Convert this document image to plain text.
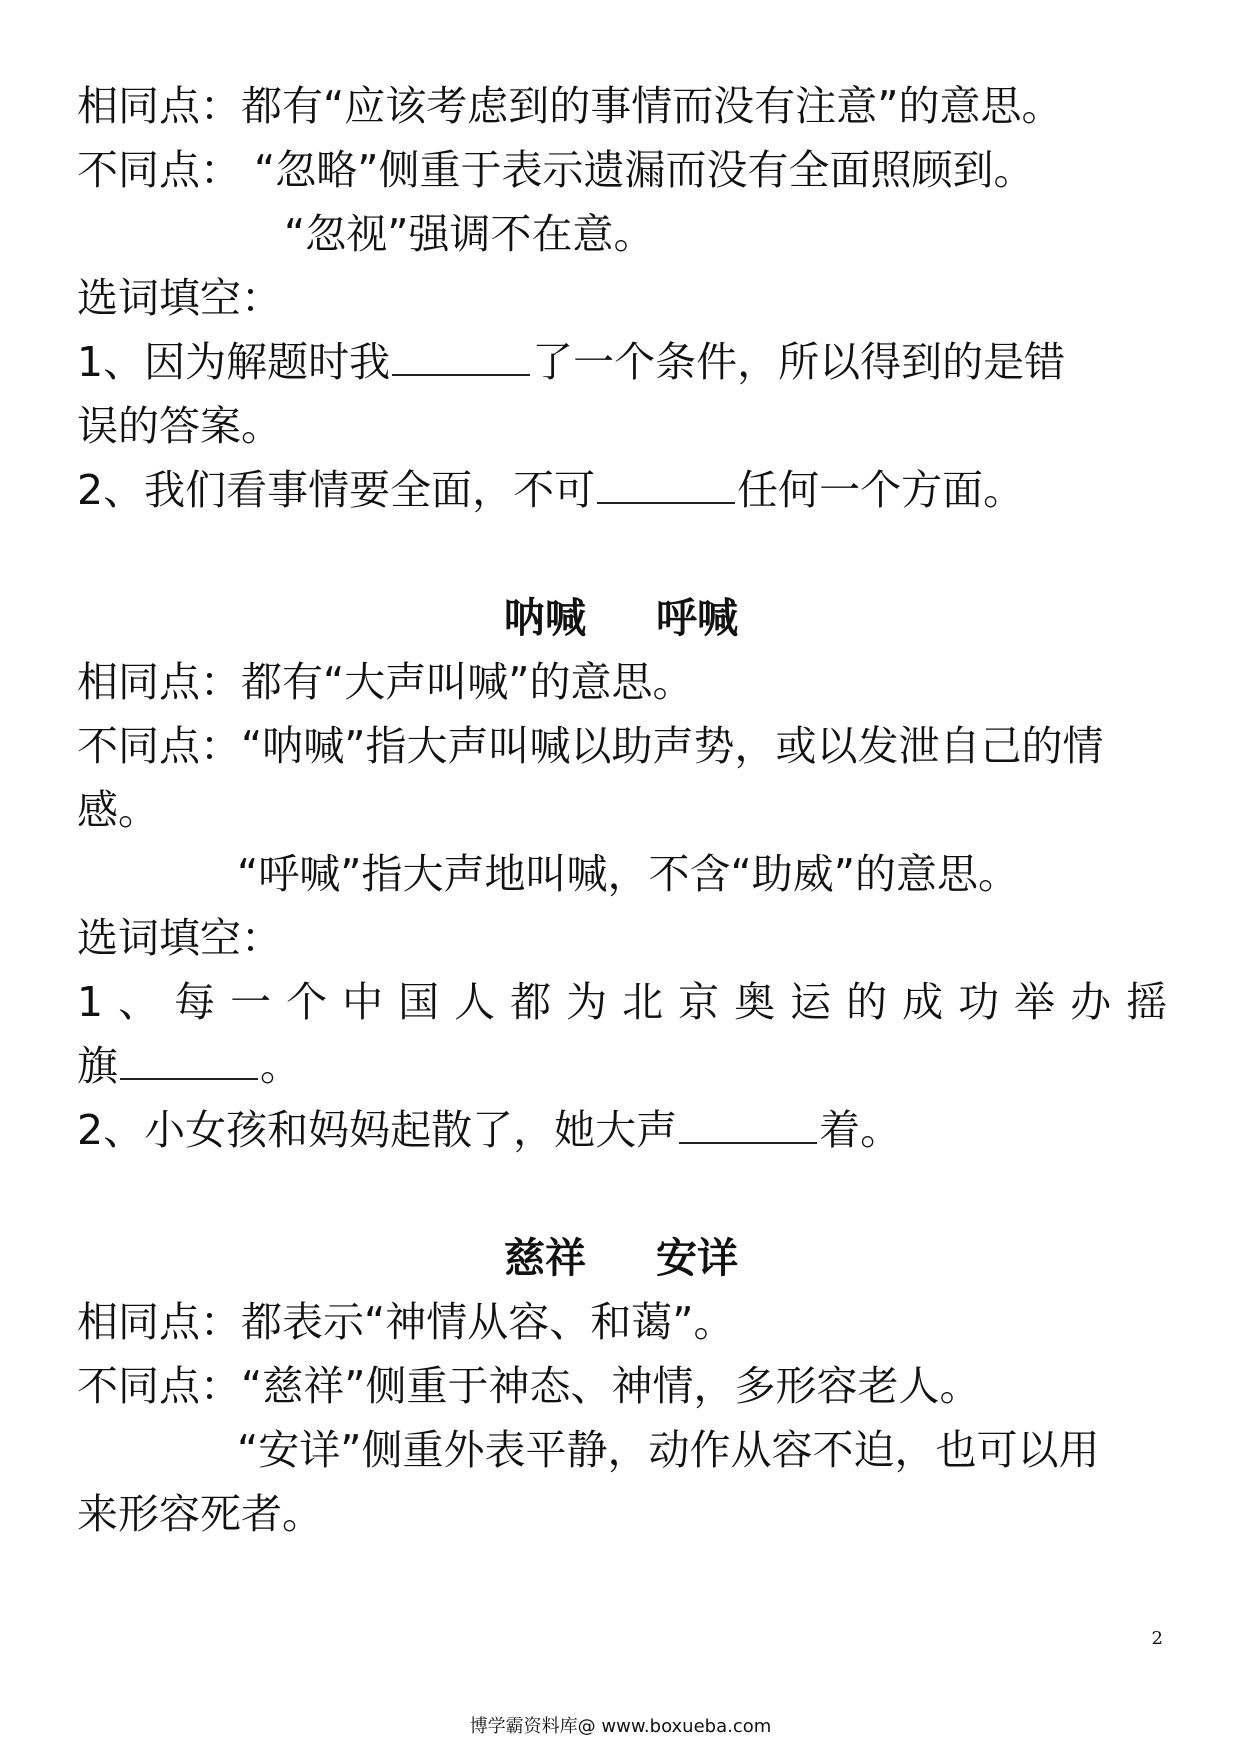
相同点：都有“应该考虑到的事情而没有注意”的意思。
不同点： “忽略”侧重于表示遗漏而没有全面照顾到。
“忽视”强调不在意。
选词填空：
1、因为解题时我	了一个条件，所以得到的是错
误的答案。
2、我们看事情要全面，不可	任何一个方面。
呐喊 呼喊
相同点：都有“大声叫喊”的意思。
不同点：“呐喊”指大声叫喊以助声势，或以发泄自己的情
感。
“呼喊”指大声地叫喊，不含“助威”的意思。
选词填空：
1、每一个中国人都为北京奥运的成功举办摇
旗	。
2、小女孩和妈妈起散了，她大声	着。
慈祥 安详
相同点：都表示“神情从容、和蔼”。
不同点：“慈祥”侧重于神态、神情，多形容老人。
“安详”侧重外表平静，动作从容不迫，也可以用
来形容死者。
2
博学霸资料库@ www.boxueba.com
